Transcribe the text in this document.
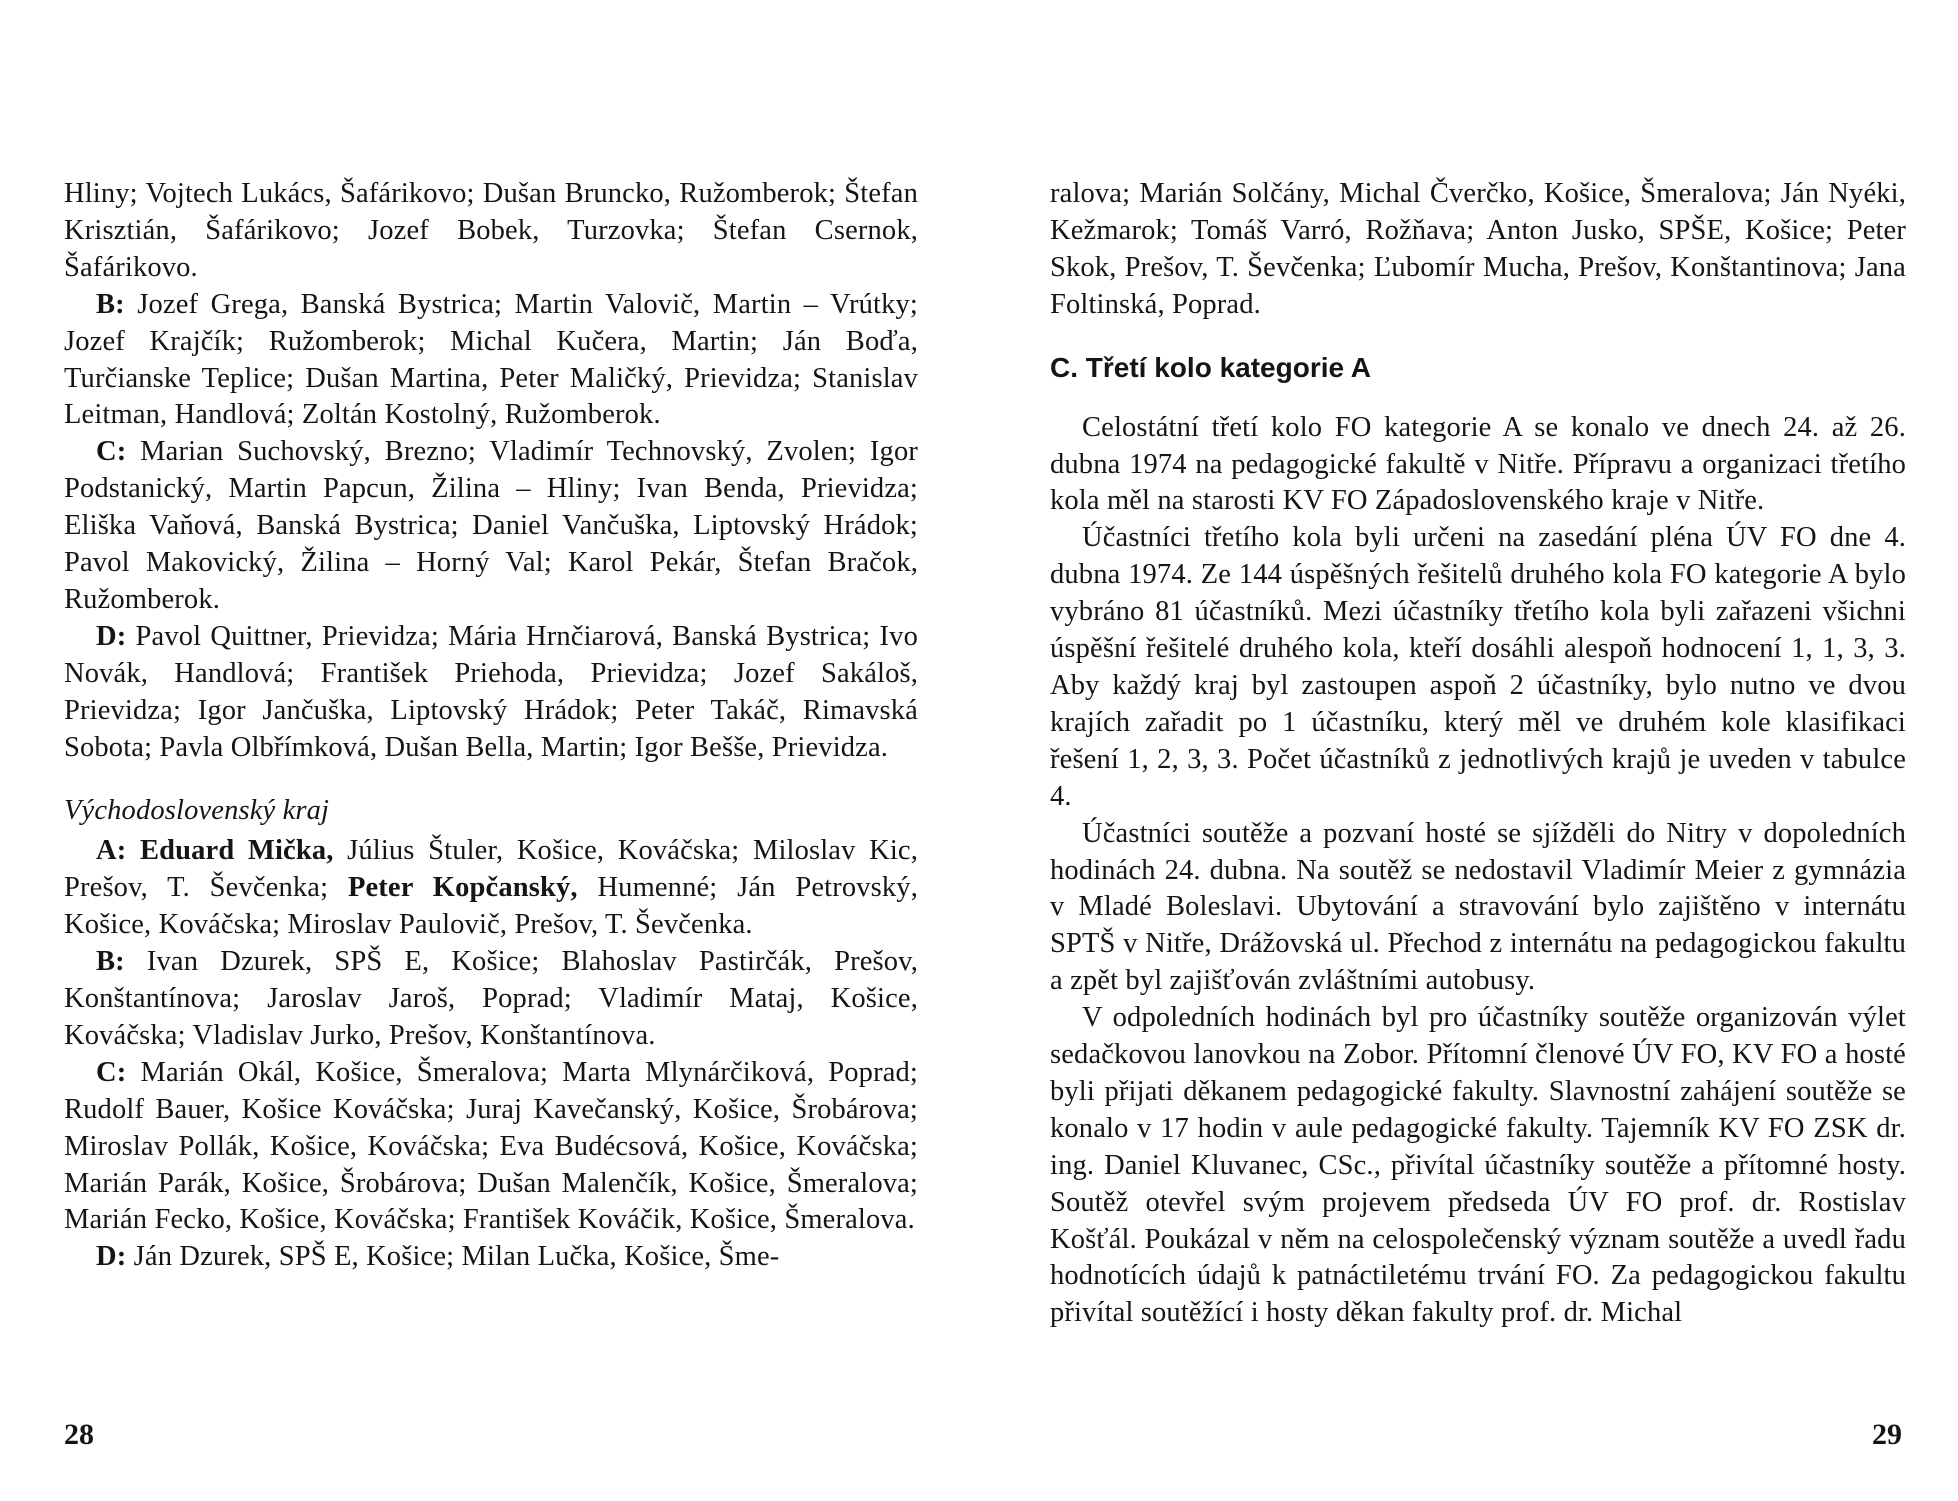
Hliny; Vojtech Lukács, Šafárikovo; Dušan Bruncko, Ružomberok; Štefan Krisztián, Šafárikovo; Jozef Bobek, Turzovka; Štefan Csernok, Šafárikovo.

B: Jozef Grega, Banská Bystrica; Martin Valovič, Martin – Vrútky; Jozef Krajčík; Ružomberok; Michal Kučera, Martin; Ján Boďa, Turčianske Teplice; Dušan Martina, Peter Maličký, Prievidza; Stanislav Leitman, Handlová; Zoltán Kostolný, Ružomberok.

C: Marian Suchovský, Brezno; Vladimír Technovský, Zvolen; Igor Podstanický, Martin Papcun, Žilina – Hliny; Ivan Benda, Prievidza; Eliška Vaňová, Banská Bystrica; Daniel Vančuška, Liptovský Hrádok; Pavol Makovický, Žilina – Horný Val; Karol Pekár, Štefan Bračok, Ružomberok.

D: Pavol Quittner, Prievidza; Mária Hrnčiarová, Banská Bystrica; Ivo Novák, Handlová; František Priehoda, Prievidza; Jozef Sakáloš, Prievidza; Igor Jančuška, Liptovský Hrádok; Peter Takáč, Rimavská Sobota; Pavla Olbřímková, Dušan Bella, Martin; Igor Beššе, Prievidza.

Východoslovenský kraj

A: Eduard Mička, Július Štuler, Košice, Kováčska; Miloslav Kic, Prešov, T. Ševčenka; Peter Kopčanský, Humenné; Ján Petrovský, Košice, Kováčska; Miroslav Paulovič, Prešov, T. Ševčenka.

B: Ivan Dzurek, SPŠ E, Košice; Blahoslav Pastirčák, Prešov, Konštantínova; Jaroslav Jaroš, Poprad; Vladimír Mataj, Košice, Kováčska; Vladislav Jurko, Prešov, Konštantínova.

C: Marián Okál, Košice, Šmeralova; Marta Mlynárčiková, Poprad; Rudolf Bauer, Košice Kováčska; Juraj Kavečanský, Košice, Šrobárova; Miroslav Pollák, Košice, Kováčska; Eva Budécsová, Košice, Kováčska; Marián Parák, Košice, Šrobárova; Dušan Malenčík, Košice, Šmeralova; Marián Fecko, Košice, Kováčska; František Kováčik, Košice, Šmeralova.

D: Ján Dzurek, SPŠ E, Košice; Milan Lučka, Košice, Šme-

28

ralova; Marián Solčány, Michal Čverčko, Košice, Šmeralova; Ján Nyéki, Kežmarok; Tomáš Varró, Rožňava; Anton Jusko, SPŠE, Košice; Peter Skok, Prešov, T. Ševčenka; Ľubomír Mucha, Prešov, Konštantinova; Jana Foltinská, Poprad.

C. Třetí kolo kategorie A

Celostátní třetí kolo FO kategorie A se konalo ve dnech 24. až 26. dubna 1974 na pedagogické fakultě v Nitře. Přípravu a organizaci třetího kola měl na starosti KV FO Západoslovenského kraje v Nitře.

Účastníci třetího kola byli určeni na zasedání pléna ÚV FO dne 4. dubna 1974. Ze 144 úspěšných řešitelů druhého kola FO kategorie A bylo vybráno 81 účastníků. Mezi účastníky třetího kola byli zařazeni všichni úspěšní řešitelé druhého kola, kteří dosáhli alespoň hodnocení 1, 1, 3, 3. Aby každý kraj byl zastoupen aspoň 2 účastníky, bylo nutno ve dvou krajích zařadit po 1 účastníku, který měl ve druhém kole klasifikaci řešení 1, 2, 3, 3. Počet účastníků z jednotlivých krajů je uveden v tabulce 4.

Účastníci soutěže a pozvaní hosté se sjížděli do Nitry v dopoledních hodinách 24. dubna. Na soutěž se nedostavil Vladimír Meier z gymnázia v Mladé Boleslavi. Ubytování a stravování bylo zajištěno v internátu SPTŠ v Nitře, Drážovská ul. Přechod z internátu na pedagogickou fakultu a zpět byl zajišťován zvláštními autobusy.

V odpoledních hodinách byl pro účastníky soutěže organizován výlet sedačkovou lanovkou na Zobor. Přítomní členové ÚV FO, KV FO a hosté byli přijati děkanem pedagogické fakulty. Slavnostní zahájení soutěže se konalo v 17 hodin v aule pedagogické fakulty. Tajemník KV FO ZSK dr. ing. Daniel Kluvanec, CSc., přivítal účastníky soutěže a přítomné hosty. Soutěž otevřel svým projevem předseda ÚV FO prof. dr. Rostislav Košťál. Poukázal v něm na celospolečenský význam soutěže a uvedl řadu hodnotících údajů k patnáctiletému trvání FO. Za pedagogickou fakultu přivítal soutěžící i hosty děkan fakulty prof. dr. Michal

29
